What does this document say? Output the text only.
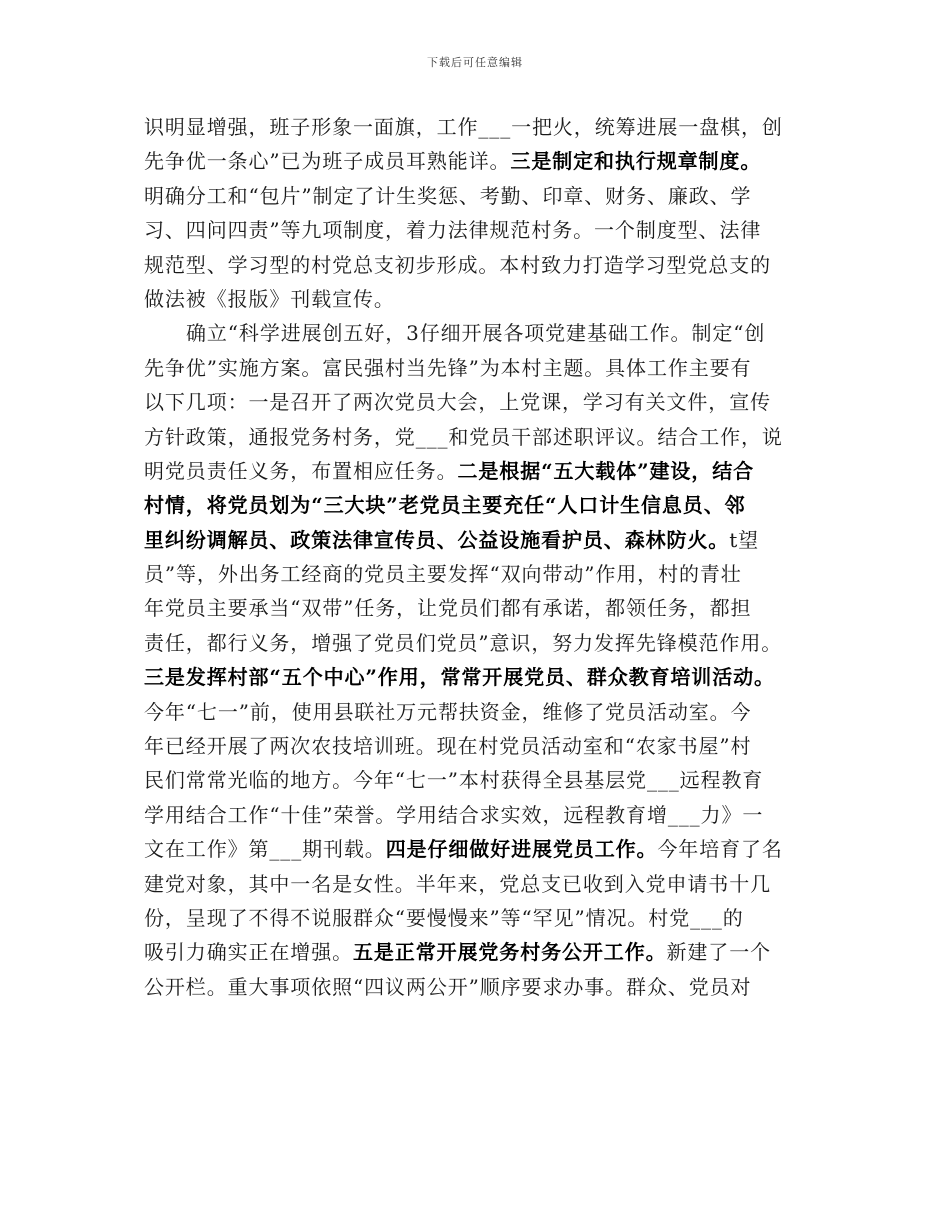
下载后可任意编辑
识明显增强，班子形象一面旗，工作___一把火，统筹进展一盘棋，创
先争优一条心”已为班子成员耳熟能详。三是制定和执行规章制度。
明确分工和“包片”制定了计生奖惩、考勤、印章、财务、廉政、学
习、四问四责”等九项制度，着力法律规范村务。一个制度型、法律
规范型、学习型的村党总支初步形成。本村致力打造学习型党总支的
做法被《报版》刊载宣传。
确立“科学进展创五好，3仔细开展各项党建基础工作。制定“创
先争优”实施方案。富民强村当先锋”为本村主题。具体工作主要有
以下几项：一是召开了两次党员大会，上党课，学习有关文件，宣传
方针政策，通报党务村务，党___和党员干部述职评议。结合工作，说
明党员责任义务，布置相应任务。二是根据“五大载体”建设，结合
村情，将党员划为“三大块”老党员主要充任“人口计生信息员、邻
里纠纷调解员、政策法律宣传员、公益设施看护员、森林防火。t望
员”等，外出务工经商的党员主要发挥“双向带动”作用，村的青壮
年党员主要承当“双带”任务，让党员们都有承诺，都领任务，都担
责任，都行义务，增强了党员们党员”意识，努力发挥先锋模范作用。
三是发挥村部“五个中心”作用，常常开展党员、群众教育培训活动。
今年“七一”前，使用县联社万元帮扶资金，维修了党员活动室。今
年已经开展了两次农技培训班。现在村党员活动室和“农家书屋”村
民们常常光临的地方。今年“七一”本村获得全县基层党___远程教育
学用结合工作“十佳”荣誉。学用结合求实效，远程教育增___力》一
文在工作》第___期刊载。四是仔细做好进展党员工作。今年培育了名
建党对象，其中一名是女性。半年来，党总支已收到入党申请书十几
份，呈现了不得不说服群众“要慢慢来”等“罕见”情况。村党___的
吸引力确实正在增强。五是正常开展党务村务公开工作。新建了一个
公开栏。重大事项依照“四议两公开”顺序要求办事。群众、党员对
